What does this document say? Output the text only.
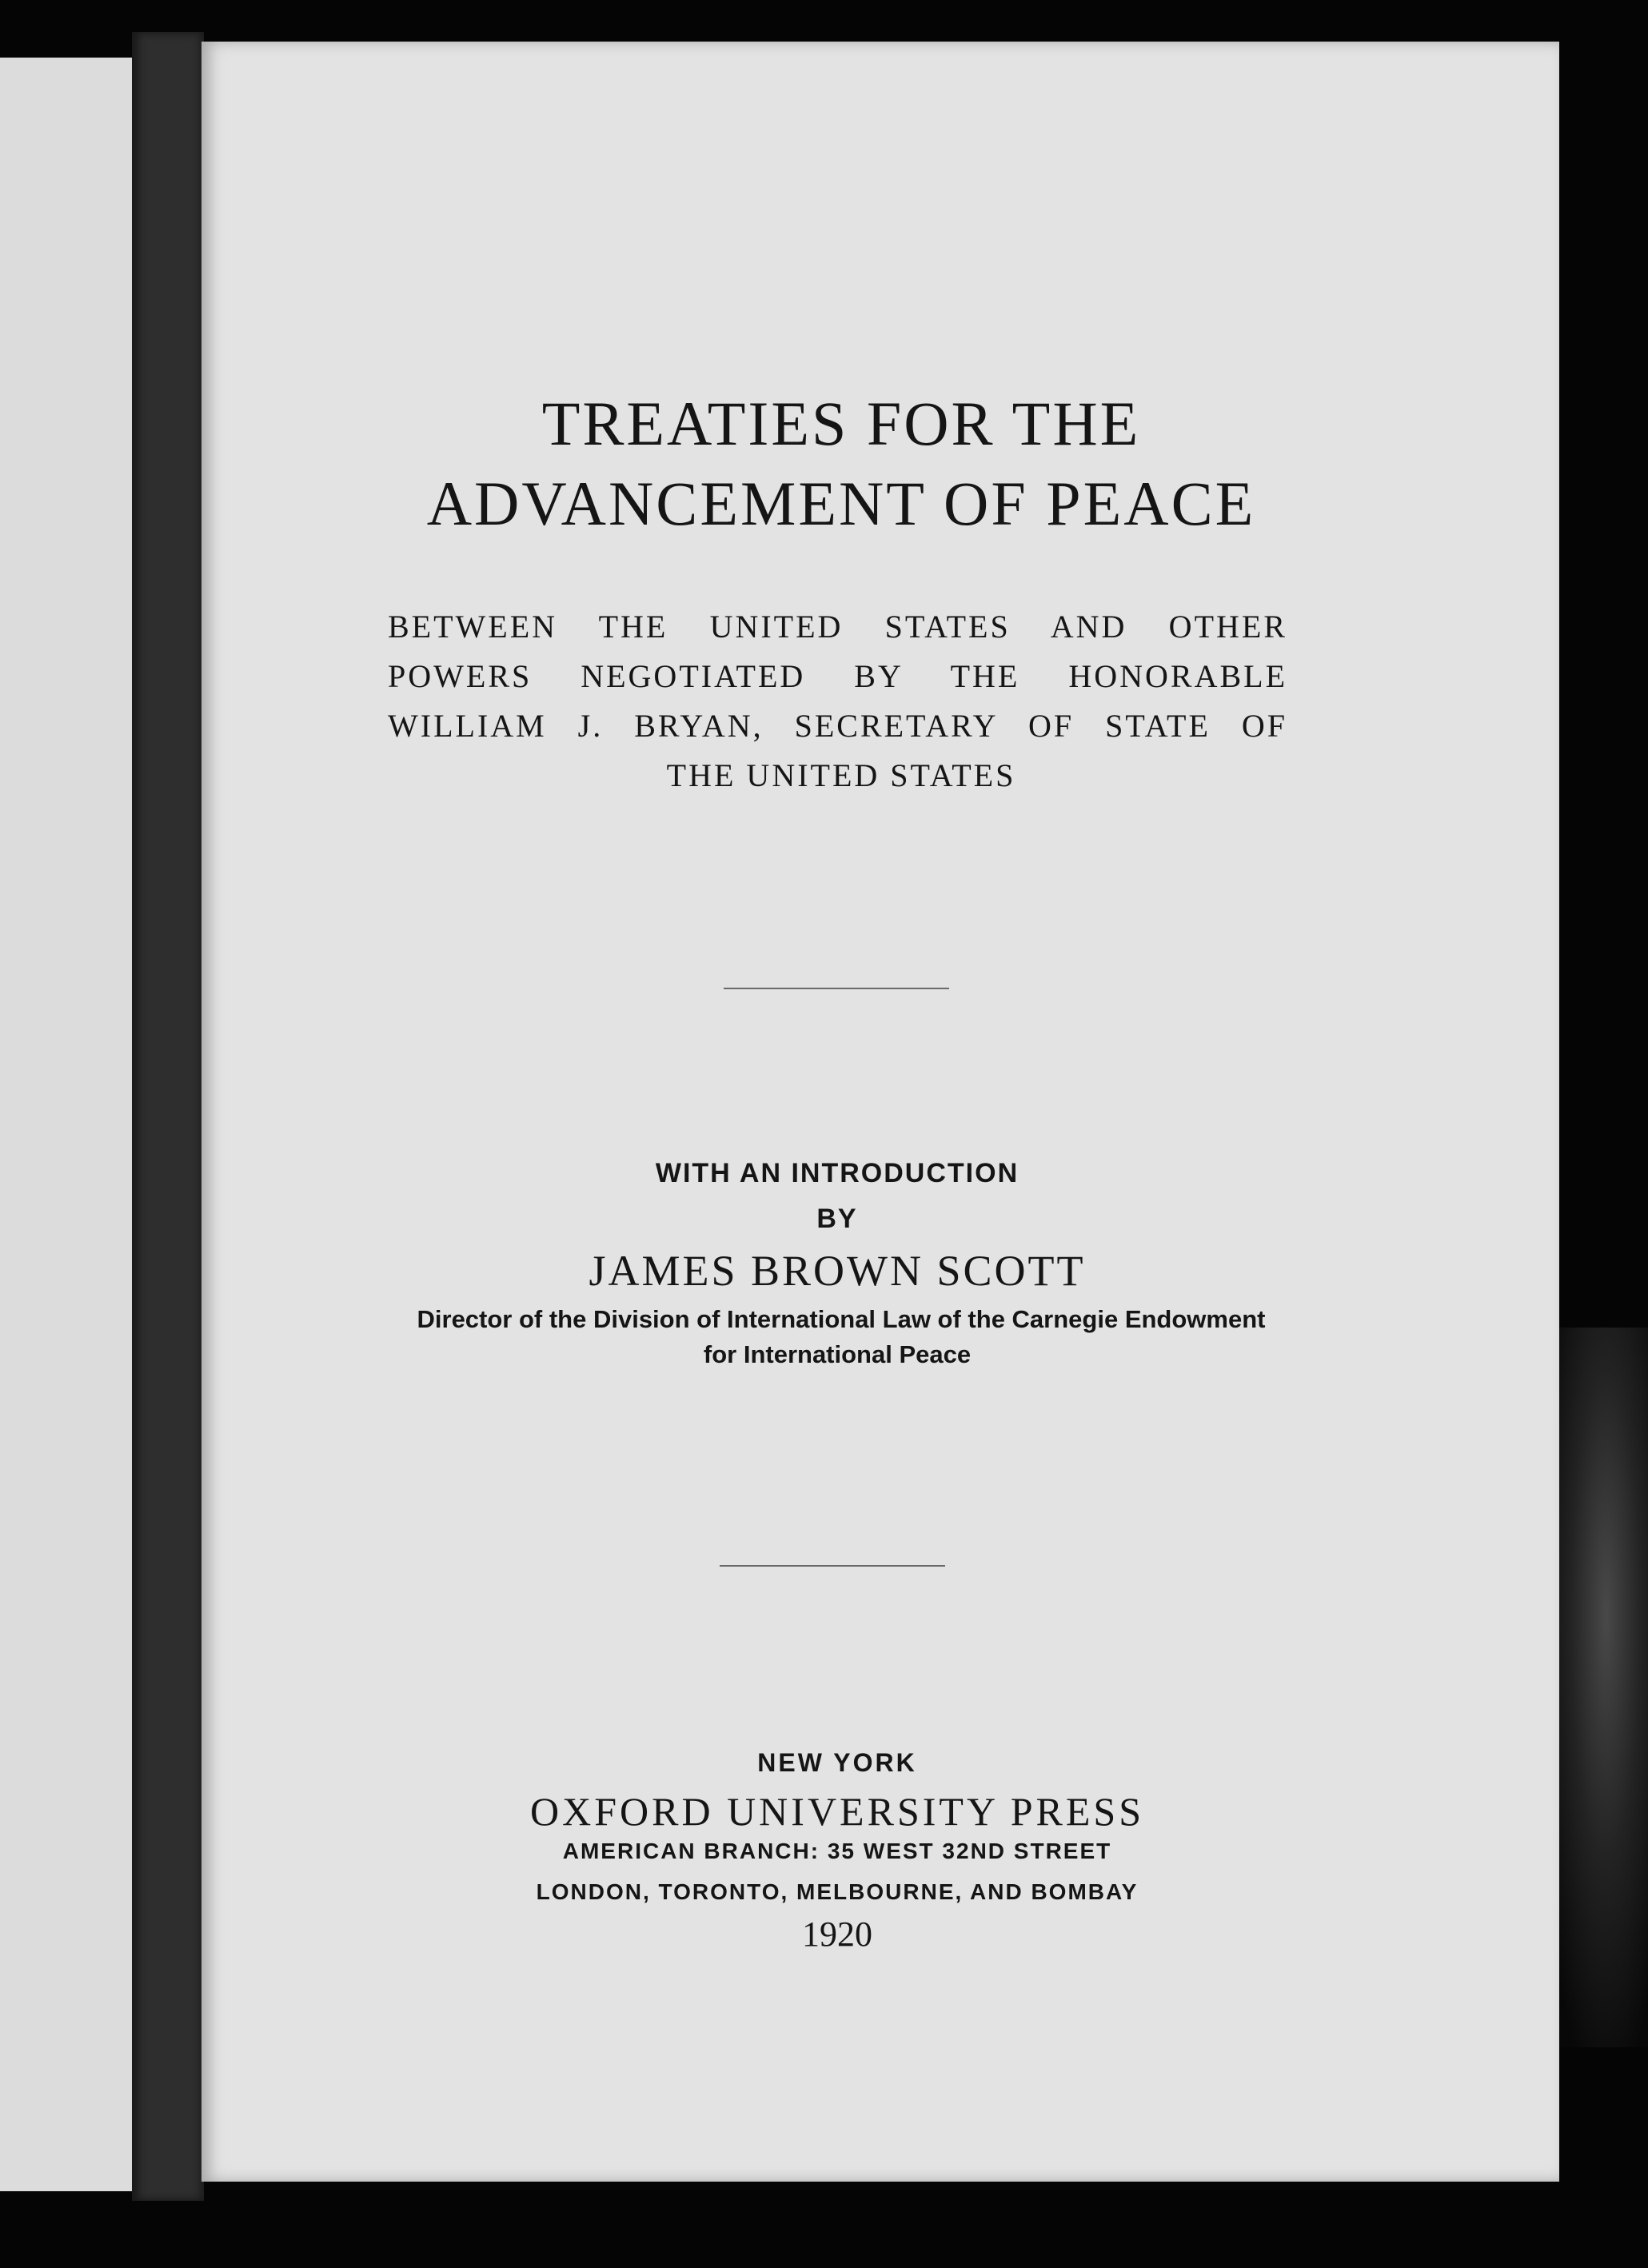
TREATIES FOR THE
ADVANCEMENT OF PEACE
BETWEEN THE UNITED STATES AND OTHER
POWERS NEGOTIATED BY THE HONORABLE
WILLIAM J. BRYAN, SECRETARY OF STATE OF
THE UNITED STATES
WITH AN INTRODUCTION
BY
JAMES BROWN SCOTT
Director of the Division of International Law of the Carnegie Endowment
for International Peace
NEW YORK
OXFORD UNIVERSITY PRESS
AMERICAN BRANCH: 35 WEST 32ND STREET
LONDON, TORONTO, MELBOURNE, AND BOMBAY
1920
